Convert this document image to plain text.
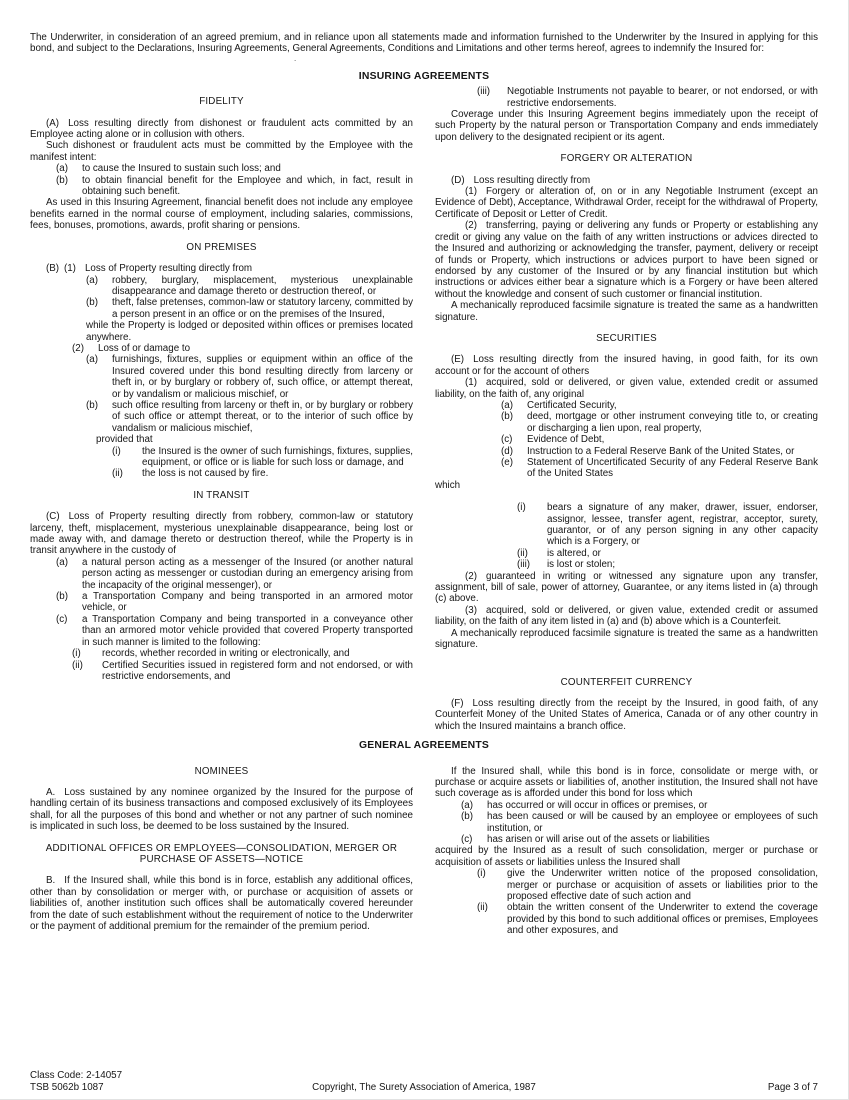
The Underwriter, in consideration of an agreed premium, and in reliance upon all statements made and information furnished to the Underwriter by the Insured in applying for this bond, and subject to the Declarations, Insuring Agreements, General Agreements, Conditions and Limitations and other terms hereof, agrees to indemnify the Insured for:
.
INSURING AGREEMENTS
FIDELITY
(A) Loss resulting directly from dishonest or fraudulent acts committed by an Employee acting alone or in collusion with others.
Such dishonest or fraudulent acts must be committed by the Employee with the manifest intent:
(a)	to cause the Insured to sustain such loss; and
(b)	to obtain financial benefit for the Employee and which, in fact, result in obtaining such benefit.
As used in this Insuring Agreement, financial benefit does not include any employee benefits earned in the normal course of employment, including salaries, commissions, fees, bonuses, promotions, awards, profit sharing or pensions.
ON PREMISES
(B) (1) Loss of Property resulting directly from
(a)	robbery, burglary, misplacement, mysterious unexplainable disappearance and damage thereto or destruction thereof, or
(b)	theft, false pretenses, common-law or statutory larceny, committed by a person present in an office or on the premises of the Insured,
while the Property is lodged or deposited within offices or premises located anywhere.
(2)	Loss of or damage to
(a)	furnishings, fixtures, supplies or equipment within an office of the Insured covered under this bond resulting directly from larceny or theft in, or by burglary or robbery of, such office, or attempt thereat, or by vandalism or malicious mischief, or
(b)	such office resulting from larceny or theft in, or by burglary or robbery of such office or attempt thereat, or to the interior of such office by vandalism or malicious mischief,
provided that
(i)	the Insured is the owner of such furnishings, fixtures, supplies, equipment, or office or is liable for such loss or damage, and
(ii)	the loss is not caused by fire.
IN TRANSIT
(C) Loss of Property resulting directly from robbery, common-law or statutory larceny, theft, misplacement, mysterious unexplainable disappearance, being lost or made away with, and damage thereto or destruction thereof, while the Property is in transit anywhere in the custody of
(a)	a natural person acting as a messenger of the Insured (or another natural person acting as messenger or custodian during an emergency arising from the incapacity of the original messenger), or
(b)	a Transportation Company and being transported in an armored motor vehicle, or
(c)	a Transportation Company and being transported in a conveyance other than an armored motor vehicle provided that covered Property transported in such manner is limited to the following:
(i)	records, whether recorded in writing or electronically, and
(ii)	Certified Securities issued in registered form and not endorsed, or with restrictive endorsements, and
(iii)	Negotiable Instruments not payable to bearer, or not endorsed, or with restrictive endorsements.
Coverage under this Insuring Agreement begins immediately upon the receipt of such Property by the natural person or Transportation Company and ends immediately upon delivery to the designated recipient or its agent.
FORGERY OR ALTERATION
(D) Loss resulting directly from
(1) Forgery or alteration of, on or in any Negotiable Instrument (except an Evidence of Debt), Acceptance, Withdrawal Order, receipt for the withdrawal of Property, Certificate of Deposit or Letter of Credit.
(2) transferring, paying or delivering any funds or Property or establishing any credit or giving any value on the faith of any written instructions or advices directed to the Insured and authorizing or acknowledging the transfer, payment, delivery or receipt of funds or Property, which instructions or advices purport to have been signed or endorsed by any customer of the Insured or by any financial institution but which instructions or advices either bear a signature which is a Forgery or have been altered without the knowledge and consent of such customer or financial institution.
A mechanically reproduced facsimile signature is treated the same as a handwritten signature.
SECURITIES
(E) Loss resulting directly from the insured having, in good faith, for its own account or for the account of others
(1) acquired, sold or delivered, or given value, extended credit or assumed liability, on the faith of, any original
(a)	Certificated Security,
(b)	deed, mortgage or other instrument conveying title to, or creating or discharging a lien upon, real property,
(c)	Evidence of Debt,
(d)	Instruction to a Federal Reserve Bank of the United States, or
(e)	Statement of Uncertificated Security of any Federal Reserve Bank of the United States
which
(i)	bears a signature of any maker, drawer, issuer, endorser, assignor, lessee, transfer agent, registrar, acceptor, surety, guarantor, or of any person signing in any other capacity which is a Forgery, or
(ii)	is altered, or
(iii)	is lost or stolen;
(2) guaranteed in writing or witnessed any signature upon any transfer, assignment, bill of sale, power of attorney, Guarantee, or any items listed in (a) through (c) above.
(3) acquired, sold or delivered, or given value, extended credit or assumed liability, on the faith of any item listed in (a) and (b) above which is a Counterfeit.
A mechanically reproduced facsimile signature is treated the same as a handwritten signature.
COUNTERFEIT CURRENCY
(F) Loss resulting directly from the receipt by the Insured, in good faith, of any Counterfeit Money of the United States of America, Canada or of any other country in which the Insured maintains a branch office.
GENERAL AGREEMENTS
NOMINEES
A. Loss sustained by any nominee organized by the Insured for the purpose of handling certain of its business transactions and composed exclusively of its Employees shall, for all the purposes of this bond and whether or not any partner of such nominee is implicated in such loss, be deemed to be loss sustained by the Insured.
ADDITIONAL OFFICES OR EMPLOYEES—CONSOLIDATION, MERGER OR PURCHASE OF ASSETS—NOTICE
B. If the Insured shall, while this bond is in force, establish any additional offices, other than by consolidation or merger with, or purchase or acquisition of assets or liabilities of, another institution such offices shall be automatically covered hereunder from the date of such establishment without the requirement of notice to the Underwriter or the payment of additional premium for the remainder of the premium period.
If the Insured shall, while this bond is in force, consolidate or merge with, or purchase or acquire assets or liabilities of, another institution, the Insured shall not have such coverage as is afforded under this bond for loss which
(a)	has occurred or will occur in offices or premises, or
(b)	has been caused or will be caused by an employee or employees of such institution, or
(c)	has arisen or will arise out of the assets or liabilities
acquired by the Insured as a result of such consolidation, merger or purchase or acquisition of assets or liabilities unless the Insured shall
(i)	give the Underwriter written notice of the proposed consolidation, merger or purchase or acquisition of assets or liabilities prior to the proposed effective date of such action and
(ii)	obtain the written consent of the Underwriter to extend the coverage provided by this bond to such additional offices or premises, Employees and other exposures, and
Class Code: 2-14057
TSB 5062b 1087	Copyright, The Surety Association of America, 1987	Page 3 of 7
